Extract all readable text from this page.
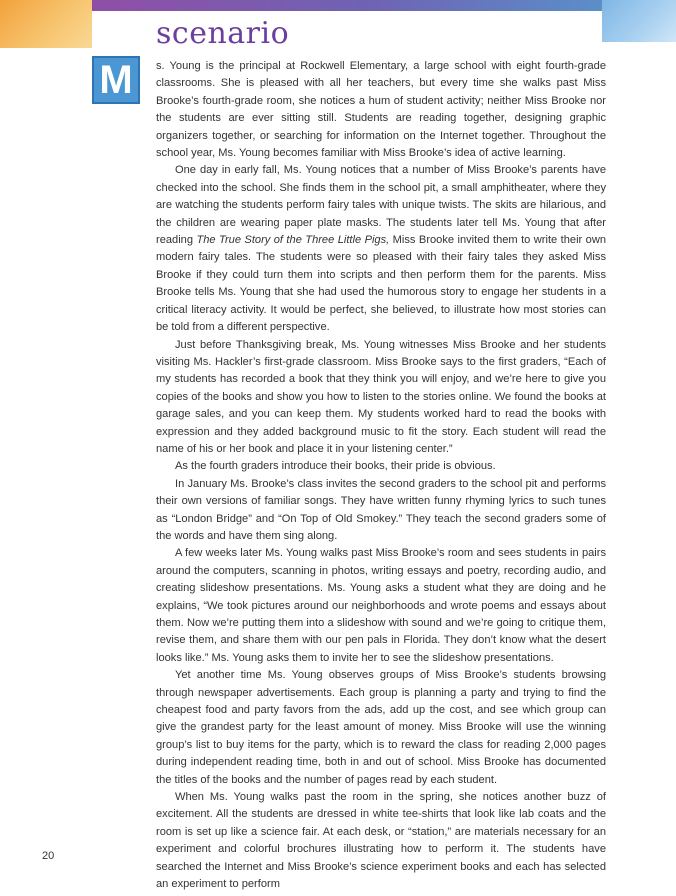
scenario
M	s. Young is the principal at Rockwell Elementary, a large school with eight fourth-grade classrooms. She is pleased with all her teachers, but every time she walks past Miss Brooke’s fourth-grade room, she notices a hum of student activity; neither Miss Brooke nor the students are ever sitting still. Students are reading together, designing graphic organizers together, or searching for information on the Internet together. Throughout the school year, Ms. Young becomes familiar with Miss Brooke’s idea of active learning.

One day in early fall, Ms. Young notices that a number of Miss Brooke’s parents have checked into the school. She finds them in the school pit, a small amphitheater, where they are watching the students perform fairy tales with unique twists. The skits are hilarious, and the children are wearing paper plate masks. The students later tell Ms. Young that after reading The True Story of the Three Little Pigs, Miss Brooke invited them to write their own modern fairy tales. The students were so pleased with their fairy tales they asked Miss Brooke if they could turn them into scripts and then perform them for the parents. Miss Brooke tells Ms. Young that she had used the humorous story to engage her students in a critical literacy activity. It would be perfect, she believed, to illustrate how most stories can be told from a different perspective.

Just before Thanksgiving break, Ms. Young witnesses Miss Brooke and her students visiting Ms. Hackler’s first-grade classroom. Miss Brooke says to the first graders, “Each of my students has recorded a book that they think you will enjoy, and we’re here to give you copies of the books and show you how to listen to the stories online. We found the books at garage sales, and you can keep them. My students worked hard to read the books with expression and they added background music to fit the story. Each student will read the name of his or her book and place it in your listening center.”

As the fourth graders introduce their books, their pride is obvious.

In January Ms. Brooke’s class invites the second graders to the school pit and performs their own versions of familiar songs. They have written funny rhyming lyrics to such tunes as “London Bridge” and “On Top of Old Smokey.” They teach the second graders some of the words and have them sing along.

A few weeks later Ms. Young walks past Miss Brooke’s room and sees students in pairs around the computers, scanning in photos, writing essays and poetry, recording audio, and creating slideshow presentations. Ms. Young asks a student what they are doing and he explains, “We took pictures around our neighborhoods and wrote poems and essays about them. Now we’re putting them into a slideshow with sound and we’re going to critique them, revise them, and share them with our pen pals in Florida. They don’t know what the desert looks like.” Ms. Young asks them to invite her to see the slideshow presentations.

Yet another time Ms. Young observes groups of Miss Brooke’s students browsing through newspaper advertisements. Each group is planning a party and trying to find the cheapest food and party favors from the ads, add up the cost, and see which group can give the grandest party for the least amount of money. Miss Brooke will use the winning group’s list to buy items for the party, which is to reward the class for reading 2,000 pages during independent reading time, both in and out of school. Miss Brooke has documented the titles of the books and the number of pages read by each student.

When Ms. Young walks past the room in the spring, she notices another buzz of excitement. All the students are dressed in white tee-shirts that look like lab coats and the room is set up like a science fair. At each desk, or “station,” are materials necessary for an experiment and colorful brochures illustrating how to perform it. The students have searched the Internet and Miss Brooke’s science experiment books and each has selected an experiment to perform

20
